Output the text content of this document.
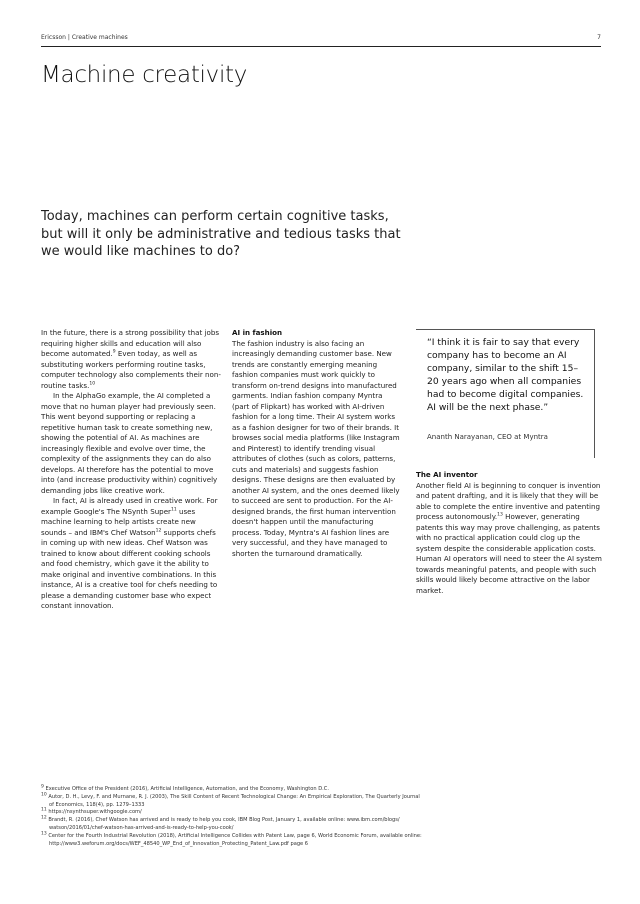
Ericsson | Creative machines	7
Machine creativity
Today, machines can perform certain cognitive tasks, but will it only be administrative and tedious tasks that we would like machines to do?

In the future, there is a strong possibility that jobs requiring higher skills and education will also become automated.$^9$ Even today, as well as substituting workers performing routine tasks, computer technology also complements their non-routine tasks.$^{10}$

In the AlphaGo example, the AI completed a move that no human player had previously seen. This went beyond supporting or replacing a repetitive human task to create something new, showing the potential of AI. As machines are increasingly flexible and evolve over time, the complexity of the assignments they can do also develops. AI therefore has the potential to move into (and increase productivity within) cognitively demanding jobs like creative work.

In fact, AI is already used in creative work. For example Google's The NSynth Super$^{11}$ uses machine learning to help artists create new sounds – and IBM's Chef Watson$^{12}$ supports chefs in coming up with new ideas. Chef Watson was trained to know about different cooking schools and food chemistry, which gave it the ability to make original and inventive combinations. In this instance, AI is a creative tool for chefs needing to please a demanding customer base who expect constant innovation.

AI in fashion

The fashion industry is also facing an increasingly demanding customer base. New trends are constantly emerging meaning fashion companies must work quickly to transform on-trend designs into manufactured garments. Indian fashion company Myntra (part of Flipkart) has worked with AI-driven fashion for a long time. Their AI system works as a fashion designer for two of their brands. It browses social media platforms (like Instagram and Pinterest) to identify trending visual attributes of clothes (such as colors, patterns, cuts and materials) and suggests fashion designs. These designs are then evaluated by another AI system, and the ones deemed likely to succeed are sent to production. For the AI-designed brands, the first human intervention doesn't happen until the manufacturing process. Today, Myntra's AI fashion lines are very successful, and they have managed to shorten the turnaround dramatically.

“I think it is fair to say that every company has to become an AI company, similar to the shift 15–20 years ago when all companies had to become digital companies. AI will be the next phase.”
Ananth Narayanan, CEO at Myntra

The AI inventor

Another field AI is beginning to conquer is invention and patent drafting, and it is likely that they will be able to complete the entire inventive and patenting process autonomously.$^{13}$ However, generating patents this way may prove challenging, as patents with no practical application could clog up the system despite the considerable application costs. Human AI operators will need to steer the AI system towards meaningful patents, and people with such skills would likely become attractive on the labor market.

$^9$ Executive Office of the President (2016), Artificial Intelligence, Automation, and the Economy, Washington D.C.

$^{10}$ Autor, D. H., Levy, F. and Murnane, R. J. (2003), The Skill Content of Recent Technological Change: An Empirical Exploration, The Quarterly Journal
of Economics, 118(4), pp. 1279–1333

$^{11}$ https://nsynthsuper.withgoogle.com/

$^{12}$ Brandt, R. (2016), Chef Watson has arrived and is ready to help you cook, IBM Blog Post, January 1, available online: www.ibm.com/blogs/
watson/2016/01/chef-watson-has-arrived-and-is-ready-to-help-you-cook/

$^{13}$ Center for the Fourth Industrial Revolution (2018), Artificial Intelligence Collides with Patent Law, page 6, World Economic Forum, available online:
http://www3.weforum.org/docs/WEF_48540_WP_End_of_Innovation_Protecting_Patent_Law.pdf page 6
